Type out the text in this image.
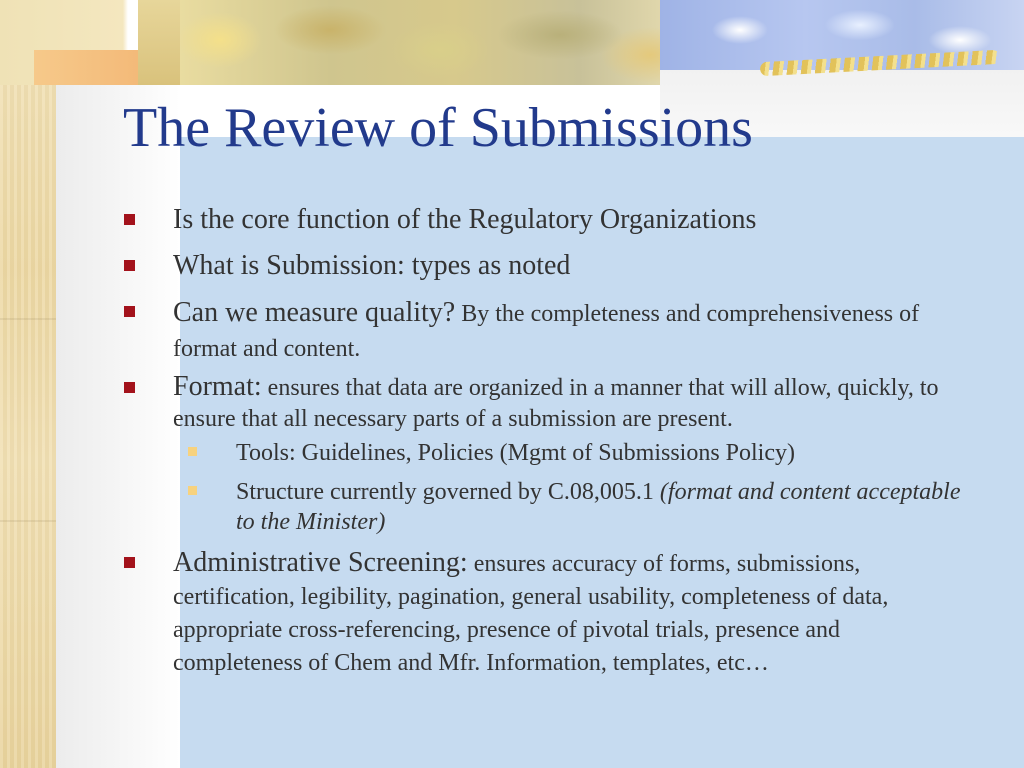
The Review of Submissions
Is the core function of the Regulatory Organizations
What is Submission: types as noted
Can we measure quality? By the completeness and comprehensiveness of format and content.
Format: ensures that data are organized in a manner that will allow, quickly, to ensure that all necessary parts of a submission are present.
Tools: Guidelines, Policies (Mgmt of Submissions Policy)
Structure currently governed by C.08,005.1 (format and content acceptable to the Minister)
Administrative Screening: ensures accuracy of forms, submissions, certification, legibility, pagination, general usability, completeness of data, appropriate cross-referencing, presence of pivotal trials, presence and completeness of Chem and Mfr. Information, templates, etc…
